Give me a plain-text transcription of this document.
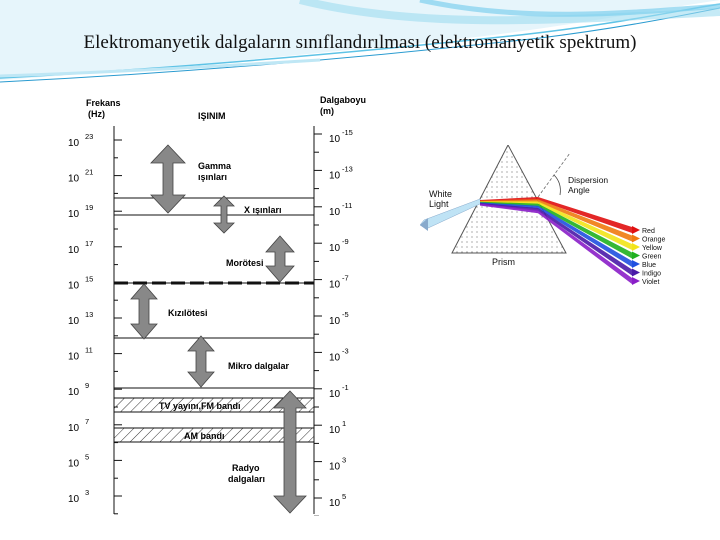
Elektromanyetik dalgaların sınıflandırılması (elektromanyetik spektrum)
Frekans (Hz)	IŞINIM
Dalgaboyu (m)
10
23
10
21
10
19
10
17
10
15
10
13
10
11
10
9
10
7
10
5
10
3
10
-15
10
-13
10
-11
10
-9
10
-7
10
-5
10
-3
10
-1
10
1
10
3
10
5
Gamma ışınları
X ışınları
Morötesi
Kızılötesi
Mikro dalgalar
TV yayını,FM bandı
AM bandı
Radyo dalgaları
Dispersion Angle
White Light
Prism
Red
Orange
Yellow
Green
Blue
Indigo
Violet
